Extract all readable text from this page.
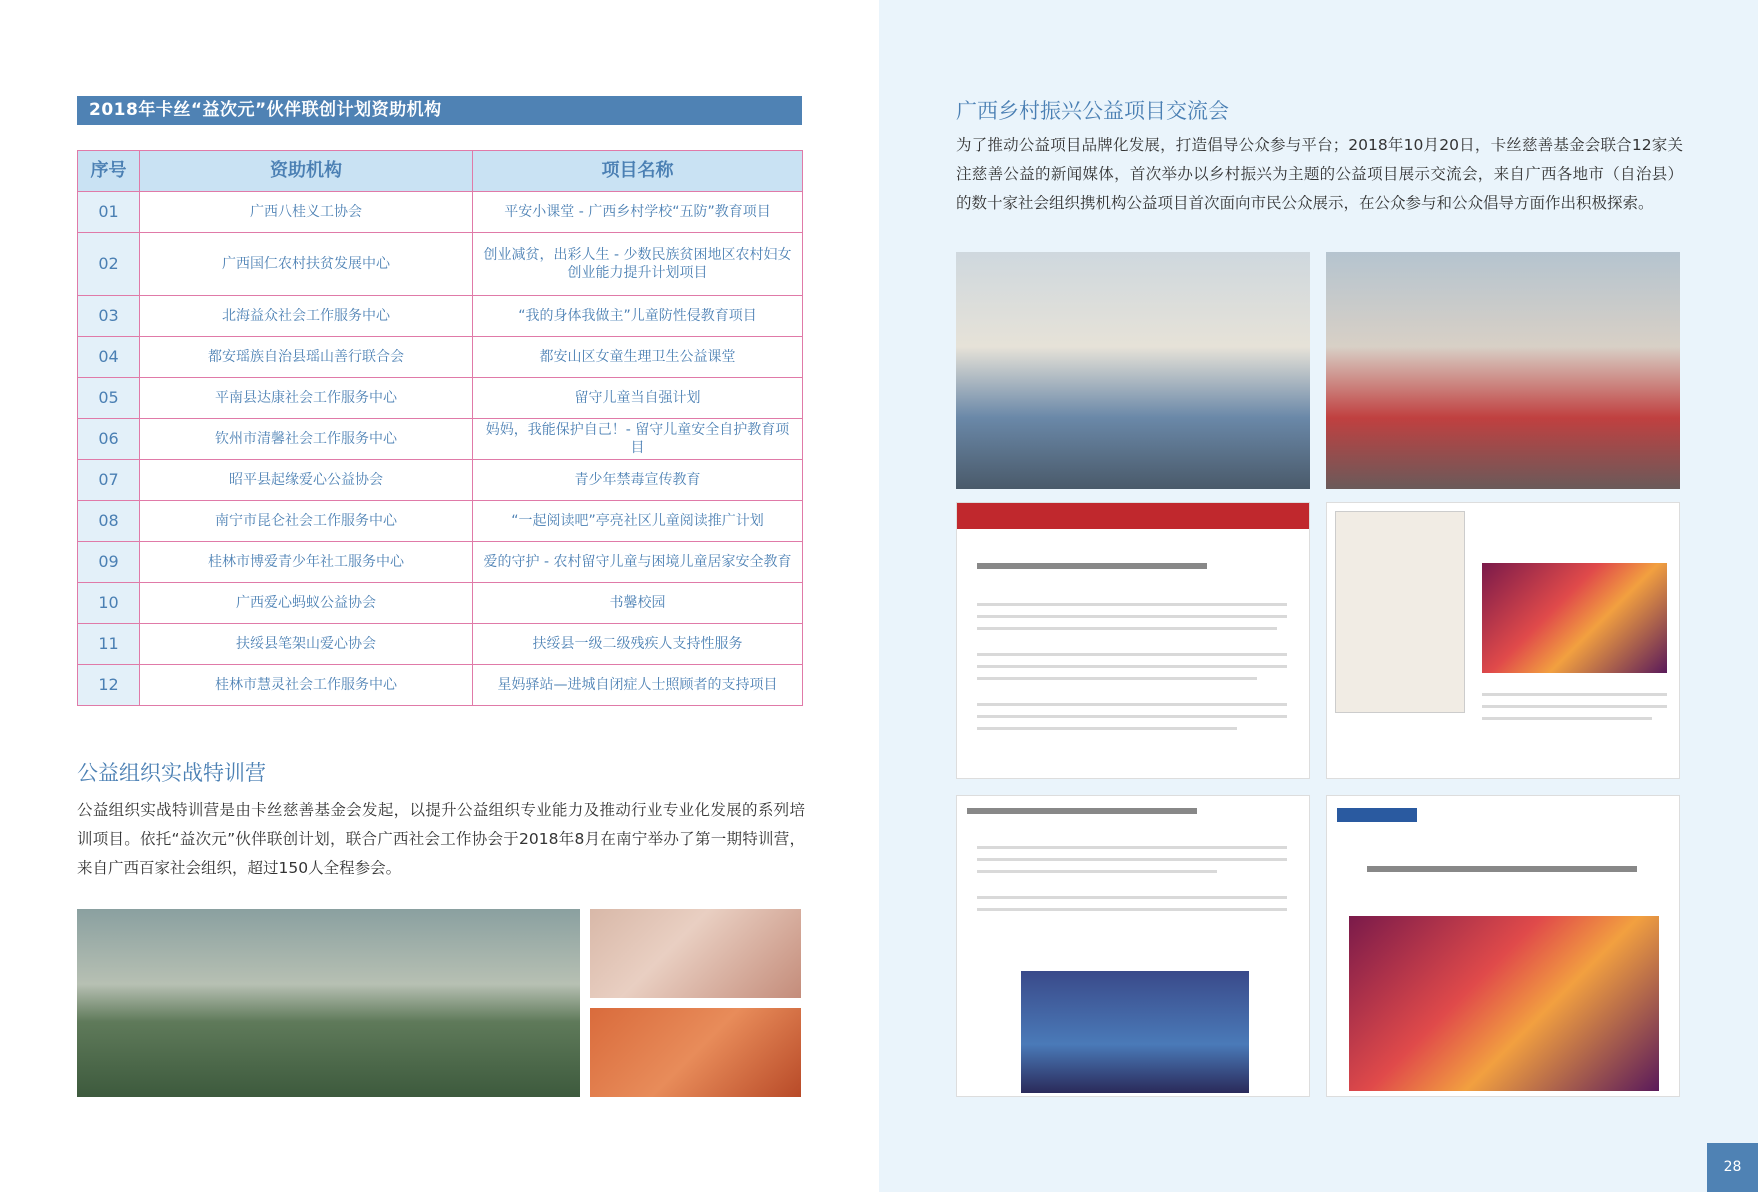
2018年卡丝“益次元”伙伴联创计划资助机构
序号	资助机构	项目名称
01	广西八桂义工协会	平安小课堂 - 广西乡村学校“五防”教育项目
02	广西国仁农村扶贫发展中心	创业减贫，出彩人生 - 少数民族贫困地区农村妇女创业能力提升计划项目
03	北海益众社会工作服务中心	“我的身体我做主”儿童防性侵教育项目
04	都安瑶族自治县瑶山善行联合会	都安山区女童生理卫生公益课堂
05	平南县达康社会工作服务中心	留守儿童当自强计划
06	钦州市清馨社会工作服务中心	妈妈，我能保护自己！- 留守儿童安全自护教育项目
07	昭平县起缘爱心公益协会	青少年禁毒宣传教育
08	南宁市昆仑社会工作服务中心	“一起阅读吧”亭亮社区儿童阅读推广计划
09	桂林市博爱青少年社工服务中心	爱的守护 - 农村留守儿童与困境儿童居家安全教育
10	广西爱心蚂蚁公益协会	书馨校园
11	扶绥县笔架山爱心协会	扶绥县一级二级残疾人支持性服务
12	桂林市慧灵社会工作服务中心	星妈驿站—进城自闭症人士照顾者的支持项目
公益组织实战特训营
公益组织实战特训营是由卡丝慈善基金会发起，以提升公益组织专业能力及推动行业专业化发展的系列培训项目。依托“益次元”伙伴联创计划，联合广西社会工作协会于2018年8月在南宁举办了第一期特训营，来自广西百家社会组织，超过150人全程参会。
广西乡村振兴公益项目交流会
为了推动公益项目品牌化发展，打造倡导公众参与平台；2018年10月20日，卡丝慈善基金会联合12家关注慈善公益的新闻媒体，首次举办以乡村振兴为主题的公益项目展示交流会，来自广西各地市（自治县）的数十家社会组织携机构公益项目首次面向市民公众展示，在公众参与和公众倡导方面作出积极探索。
28
